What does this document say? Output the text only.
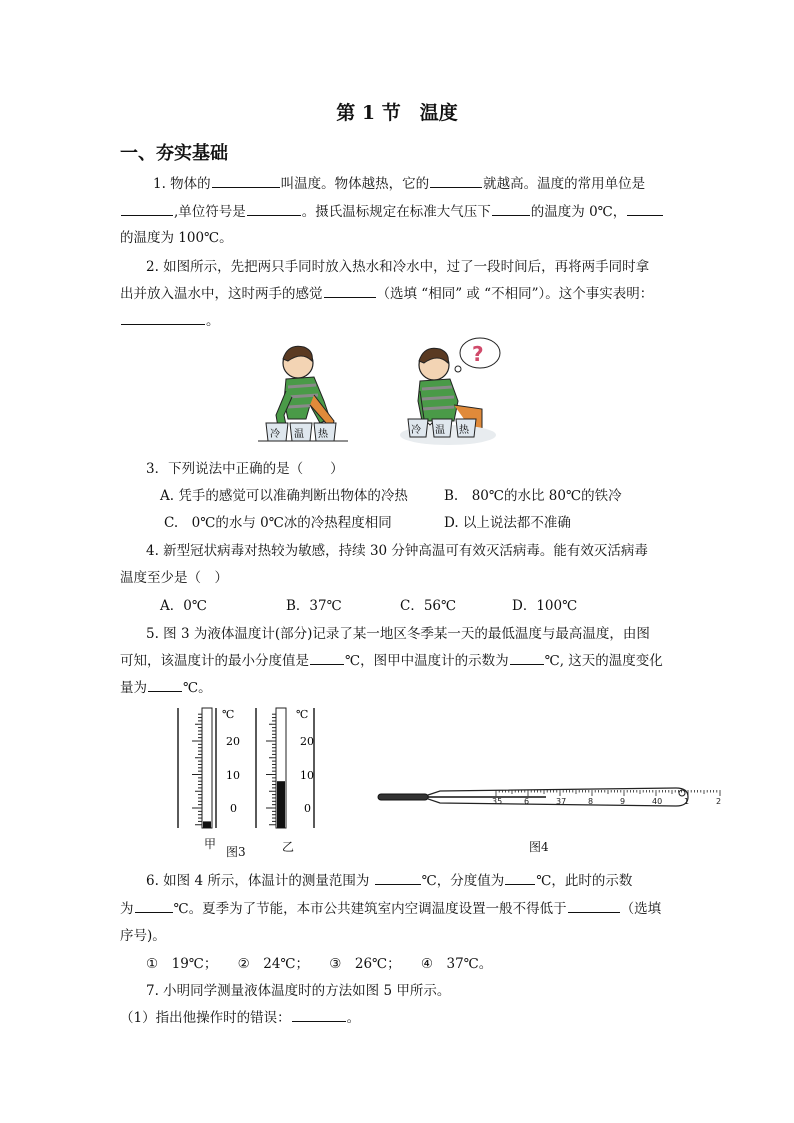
第 1 节　温度
一、夯实基础
1. 物体的	叫温度。物体越热，它的	就越高。温度的常用单位是
,单位符号是	。摄氏温标规定在标准大气压下	的温度为 0℃，
的温度为 100℃。
2. 如图所示，先把两只手同时放入热水和冷水中，过了一段时间后，再将两手同时拿
出并放入温水中，这时两手的感觉	（选填 “相同” 或 “不相同”）。这个事实表明：
。
冷 温 热
?
冷 温 热
3．下列说法中正确的是（　　）
A. 凭手的感觉可以准确判断出物体的冷热	B.　80℃的水比 80℃的铁冷
C.　0℃的水与 0℃冰的冷热程度相同	D. 以上说法都不准确
4. 新型冠状病毒对热较为敏感，持续 30 分钟高温可有效灭活病毒。能有效灭活病毒
温度至少是（　）
A．0℃	B．37℃	C．56℃	D．100℃
5. 图 3 为液体温度计(部分)记录了某一地区冬季某一天的最低温度与最高温度，由图
可知，该温度计的最小分度值是	℃，图甲中温度计的示数为	℃, 这天的温度变化
量为	℃。
℃
20
10
0
℃
20
10
0
甲
图3	乙
35	6	37	8	9	40	1	2
图4
6. 如图 4 所示，体温计的测量范围为	℃，分度值为 ℃，此时的示数
为	℃。夏季为了节能，本市公共建筑室内空调温度设置一般不得低于	（选填
序号)。
①　19℃；　　②　24℃；　　③　26℃；　　④　37℃。
7. 小明同学测量液体温度时的方法如图 5 甲所示。
（1）指出他操作时的错误：	。
